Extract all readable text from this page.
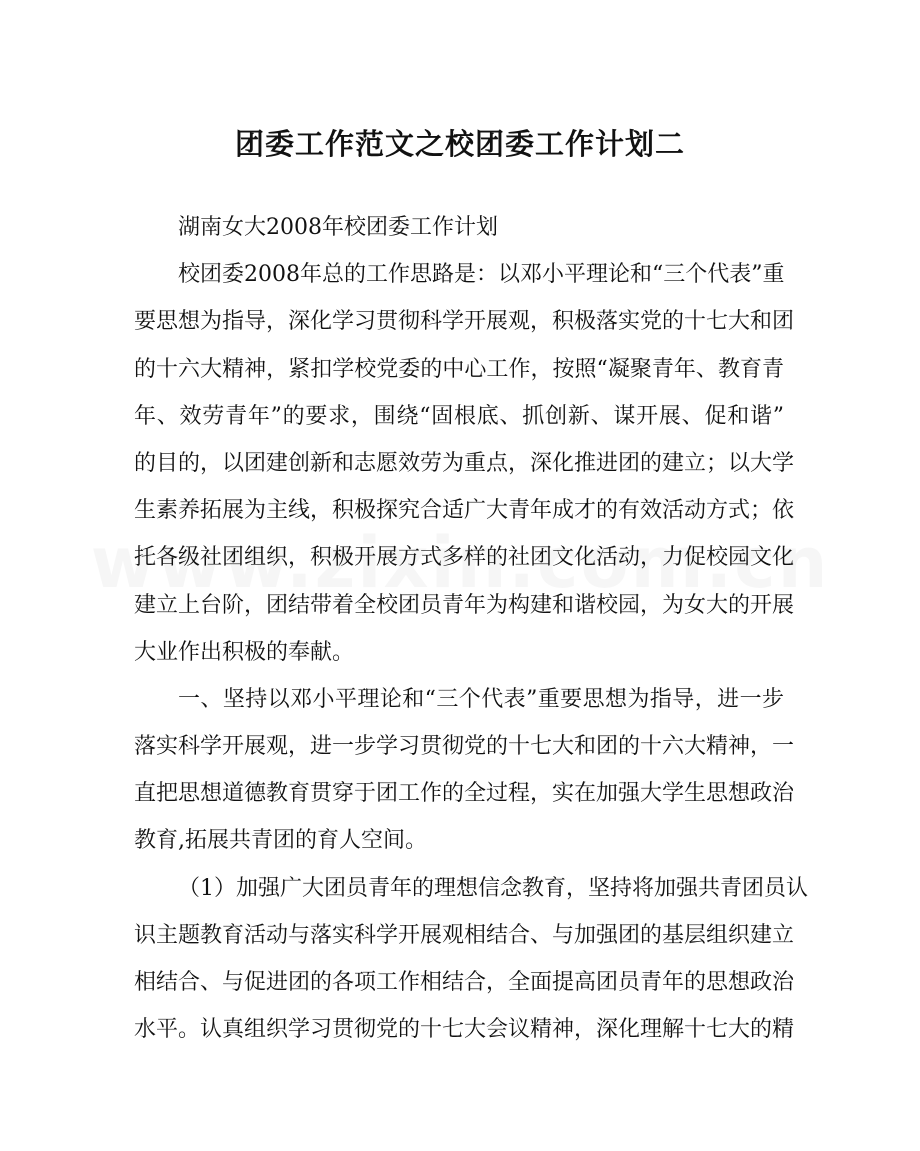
团委工作范文之校团委工作计划二
湖南女大2008年校团委工作计划
校团委2008年总的工作思路是：以邓小平理论和“三个代表”重
要思想为指导，深化学习贯彻科学开展观，积极落实党的十七大和团
的十六大精神，紧扣学校党委的中心工作，按照“凝聚青年、教育青
年、效劳青年”的要求，围绕“固根底、抓创新、谋开展、促和谐”
的目的，以团建创新和志愿效劳为重点，深化推进团的建立；以大学
生素养拓展为主线，积极探究合适广大青年成才的有效活动方式；依
托各级社团组织，积极开展方式多样的社团文化活动，力促校园文化
建立上台阶，团结带着全校团员青年为构建和谐校园，为女大的开展
大业作出积极的奉献。
一、坚持以邓小平理论和“三个代表”重要思想为指导，进一步
落实科学开展观，进一步学习贯彻党的十七大和团的十六大精神，一
直把思想道德教育贯穿于团工作的全过程，实在加强大学生思想政治
教育,拓展共青团的育人空间。
（1）加强广大团员青年的理想信念教育，坚持将加强共青团员认
识主题教育活动与落实科学开展观相结合、与加强团的基层组织建立
相结合、与促进团的各项工作相结合，全面提高团员青年的思想政治
水平。认真组织学习贯彻党的十七大会议精神，深化理解十七大的精
